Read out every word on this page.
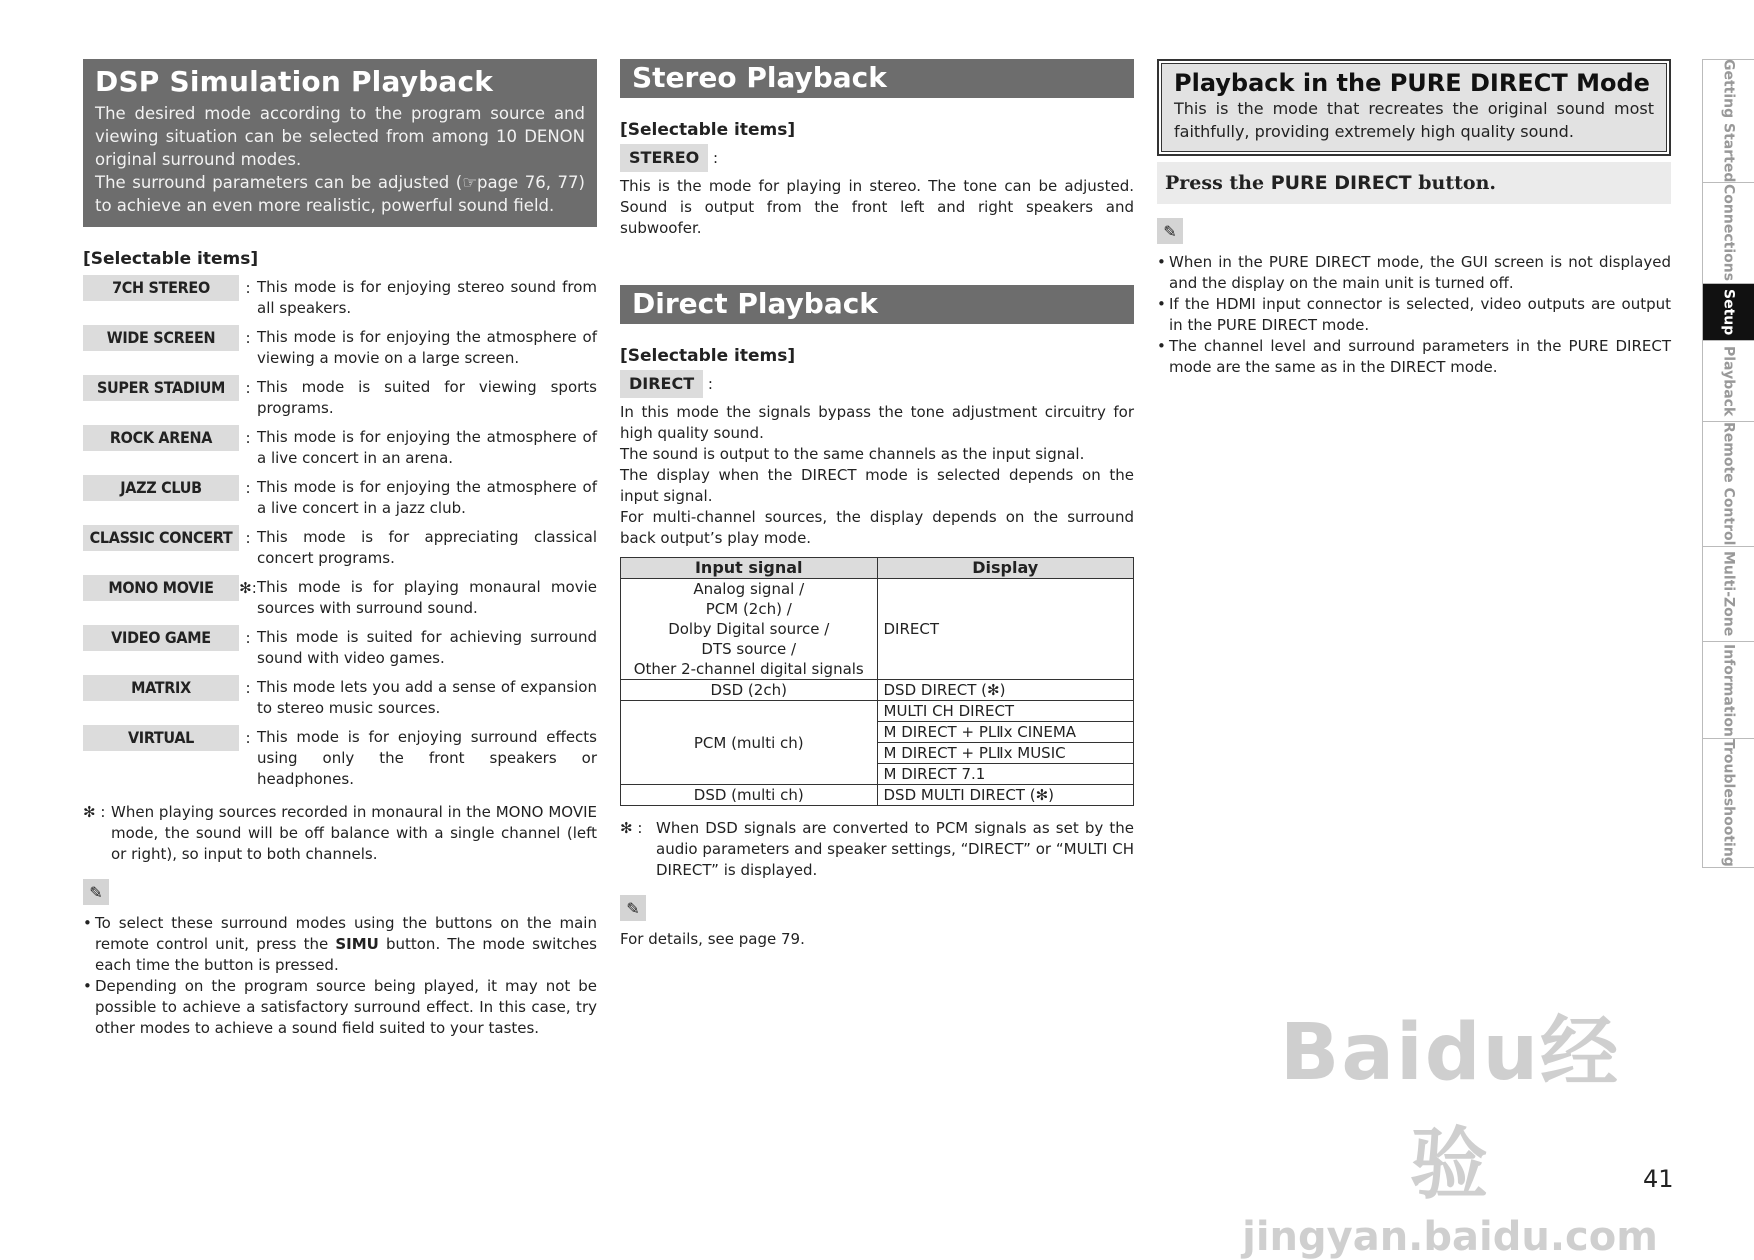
DSP Simulation Playback

The desired mode according to the program source and viewing situation can be selected from among 10 DENON original surround modes.
The surround parameters can be adjusted (☞page 76, 77) to achieve an even more realistic, powerful sound field.

[Selectable items]
7CH STEREO	: This mode is for enjoying stereo sound from all speakers.
WIDE SCREEN	: This mode is for enjoying the atmosphere of viewing a movie on a large screen.
SUPER STADIUM	: This mode is suited for viewing sports programs.
ROCK ARENA	: This mode is for enjoying the atmosphere of a live concert in an arena.
JAZZ CLUB	: This mode is for enjoying the atmosphere of a live concert in a jazz club.
CLASSIC CONCERT : This mode is for appreciating classical concert programs.
MONO MOVIE	✻: This mode is for playing monaural movie sources with surround sound.
VIDEO GAME	: This mode is suited for achieving surround sound with video games.
MATRIX	: This mode lets you add a sense of expansion to stereo music sources.
VIRTUAL	: This mode is for enjoying surround effects using only the front speakers or headphones.
✻ : When playing sources recorded in monaural in the MONO MOVIE mode, the sound will be off balance with a single channel (left or right), so input to both channels.
✎
• To select these surround modes using the buttons on the main remote control unit, press the SIMU button. The mode switches each time the button is pressed.
• Depending on the program source being played, it may not be possible to achieve a satisfactory surround effect. In this case, try other modes to achieve a sound field suited to your tastes.
Stereo Playback
[Selectable items]
STEREO :
This is the mode for playing in stereo. The tone can be adjusted. Sound is output from the front left and right speakers and subwoofer.
Direct Playback
[Selectable items]
DIRECT :
In this mode the signals bypass the tone adjustment circuitry for high quality sound.
The sound is output to the same channels as the input signal.
The display when the DIRECT mode is selected depends on the input signal.
For multi-channel sources, the display depends on the surround back output’s play mode.
Input signal	Display

Analog signal /
PCM (2ch) /
Dolby Digital source /
DTS source /
Other 2-channel digital signals	DIRECT
DSD (2ch)	DSD DIRECT (✻)
PCM (multi ch)	MULTI CH DIRECT
	M DIRECT + PLⅡx CINEMA
	M DIRECT + PLⅡx MUSIC
	M DIRECT 7.1
DSD (multi ch)	DSD MULTI DIRECT (✻)
✻ : When DSD signals are converted to PCM signals as set by the audio parameters and speaker settings, “DIRECT” or “MULTI CH DIRECT” is displayed.
✎
For details, see page 79.
Playback in the PURE DIRECT Mode

This is the mode that recreates the original sound most faithfully, providing extremely high quality sound.

Press the PURE DIRECT button.
✎
• When in the PURE DIRECT mode, the GUI screen is not displayed and the display on the main unit is turned off.
• If the HDMI input connector is selected, video outputs are output in the PURE DIRECT mode.
• The channel level and surround parameters in the PURE DIRECT mode are the same as in the DIRECT mode.
Getting Started
Connections
Setup
Playback
Remote Control
Multi-Zone
Information
Troubleshooting
Baidu经验
jingyan.baidu.com
41
